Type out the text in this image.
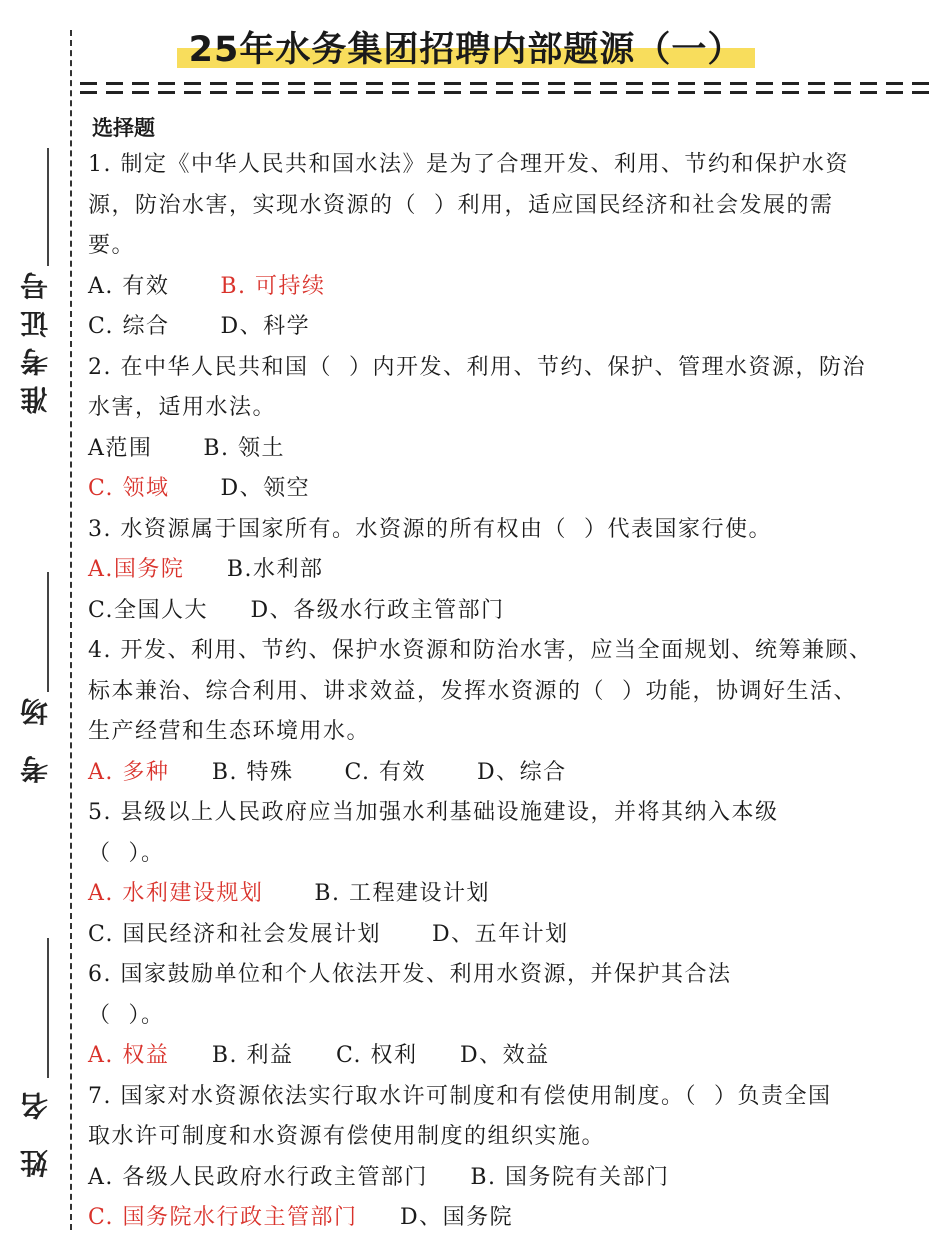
准考证号
考 场
姓 名
25年水务集团招聘内部题源（一）
选择题
1. 制定《中华人民共和国水法》是为了合理开发、利用、节约和保护水资
源，防治水害，实现水资源的（  ）利用，适应国民经济和社会发展的需
要。
A. 有效      B. 可持续
C. 综合      D、科学
2. 在中华人民共和国（  ）内开发、利用、节约、保护、管理水资源，防治
水害，适用水法。
A范围      B. 领土
C. 领域      D、领空
3. 水资源属于国家所有。水资源的所有权由（  ）代表国家行使。
A.国务院     B.水利部
C.全国人大     D、各级水行政主管部门
4. 开发、利用、节约、保护水资源和防治水害，应当全面规划、统筹兼顾、
标本兼治、综合利用、讲求效益，发挥水资源的（  ）功能，协调好生活、
生产经营和生态环境用水。
A. 多种     B. 特殊      C. 有效      D、综合
5. 县级以上人民政府应当加强水利基础设施建设，并将其纳入本级
（  ）。
A. 水利建设规划      B. 工程建设计划
C. 国民经济和社会发展计划      D、五年计划
6. 国家鼓励单位和个人依法开发、利用水资源，并保护其合法
（  ）。
A. 权益     B. 利益     C. 权利     D、效益
7. 国家对水资源依法实行取水许可制度和有偿使用制度。（  ）负责全国
取水许可制度和水资源有偿使用制度的组织实施。
A. 各级人民政府水行政主管部门     B. 国务院有关部门
C. 国务院水行政主管部门     D、国务院
